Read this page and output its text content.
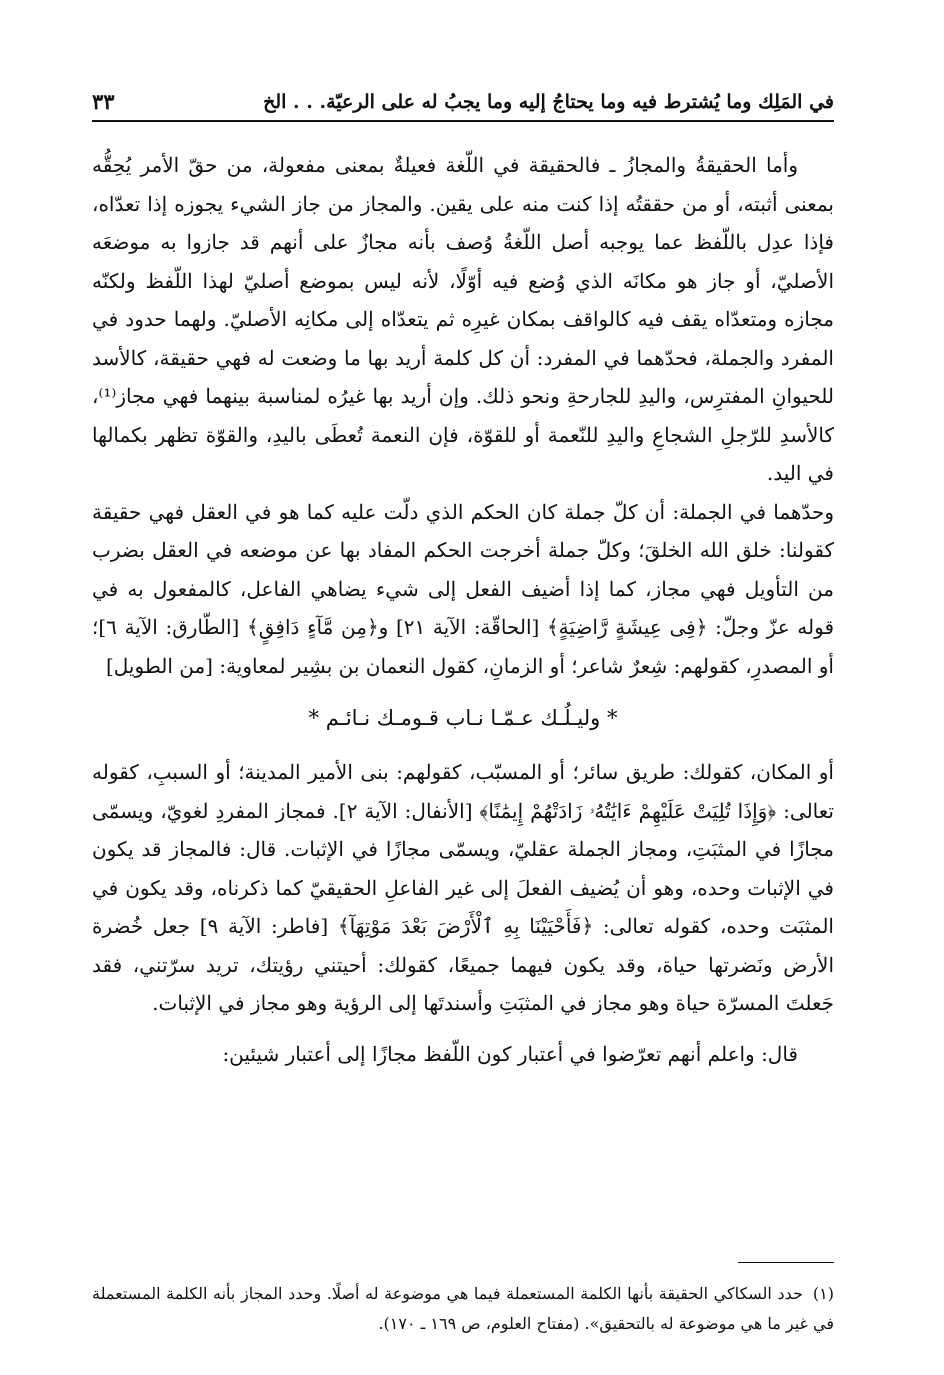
في المَلِك وما يُشترط فيه وما يحتاجُ إليه وما يجبُ له على الرعيّة. . . الخ
٣٣

وأما الحقيقةُ والمجازُ ـ فالحقيقة في اللّغة فعيلةٌ بمعنى مفعولة، من حقّ الأمر يُحِقُّه بمعنى أثبته، أو من حققتُه إذا كنت منه على يقين. والمجاز من جاز الشيء يجوزه إذا تعدّاه، فإذا عدِل باللّفظ عما يوجبه أصل اللّغةُ وُصف بأنه مجازٌ على أنهم قد جازوا به موضعَه الأصليّ، أو جاز هو مكانَه الذي وُضع فيه أوّلًا، لأنه ليس بموضع أصليّ لهذا اللّفظ ولكنّه مجازه ومتعدّاه يقف فيه كالواقف بمكان غيرِه ثم يتعدّاه إلى مكانِه الأصليّ. ولهما حدود في المفرد والجملة، فحدّهما في المفرد: أن كل كلمة أريد بها ما وضعت له فهي حقيقة، كالأسد للحيوانِ المفترِس، واليدِ للجارحةِ ونحو ذلك. وإن أريد بها غيرُه لمناسبة بينهما فهي مجاز⁽¹⁾، كالأسدِ للرّجلِ الشجاعِ واليدِ للنّعمة أو للقوّة، فإن النعمة تُعطَى باليدِ، والقوّة تظهر بكمالها في اليد.

وحدّهما في الجملة: أن كلّ جملة كان الحكم الذي دلّت عليه كما هو في العقل فهي حقيقة كقولنا: خلق الله الخلقَ؛ وكلّ جملة أخرجت الحكم المفاد بها عن موضعه في العقل بضرب من التأويل فهي مجاز، كما إذا أضيف الفعل إلى شيء يضاهي الفاعل، كالمفعول به في قوله عزّ وجلّ: ﴿فِى عِيشَةٍ رَّاضِيَةٍ﴾ [الحاقّة: الآية ٢١] و﴿مِن مَّآءٍ دَافِقٍ﴾ [الطّارق: الآية ٦]؛ أو المصدرِ، كقولهم: شِعرٌ شاعر؛ أو الزمانِ، كقول النعمان بن بشِير لمعاوية: [من الطويل]

* وليـلُـك عـمّـا نـاب قـومـك نـائـم *

أو المكان، كقولك: طريق سائر؛ أو المسبّب، كقولهم: بنى الأمير المدينة؛ أو السببِ، كقوله تعالى: ﴿وَإِذَا تُلِيَتْ عَلَيْهِمْ ءَايَٰتُهُۥ زَادَتْهُمْ إِيمَٰنًا﴾ [الأنفال: الآية ٢]. فمجاز المفردِ لغويّ، ويسمّى مجازًا في المثبَتِ، ومجاز الجملة عقليّ، ويسمّى مجازًا في الإثبات. قال: فالمجاز قد يكون في الإثبات وحده، وهو أن يُضيف الفعلَ إلى غير الفاعلِ الحقيقيّ كما ذكرناه، وقد يكون في المثبَت وحده، كقوله تعالى: ﴿فَأَحْيَيْنَا بِهِ ٱلْأَرْضَ بَعْدَ مَوْتِهَآ﴾ [فاطر: الآية ٩] جعل خُضرة الأرض ونَضرتها حياة، وقد يكون فيهما جميعًا، كقولك: أحيتني رؤيتك، تريد سرّتني، فقد جَعلتَ المسرّة حياة وهو مجاز في المثبَتِ وأسندتَها إلى الرؤية وهو مجاز في الإثبات.

قال: واعلم أنهم تعرّضوا في أعتبار كون اللّفظ مجازًا إلى أعتبار شيئين:

(١)حدد السكاكي الحقيقة بأنها الكلمة المستعملة فيما هي موضوعة له أصلًا. وحدد المجاز بأنه الكلمة المستعملة في غير ما هي موضوعة له بالتحقيق». (مفتاح العلوم، ص ١٦٩ ـ ١٧٠).
